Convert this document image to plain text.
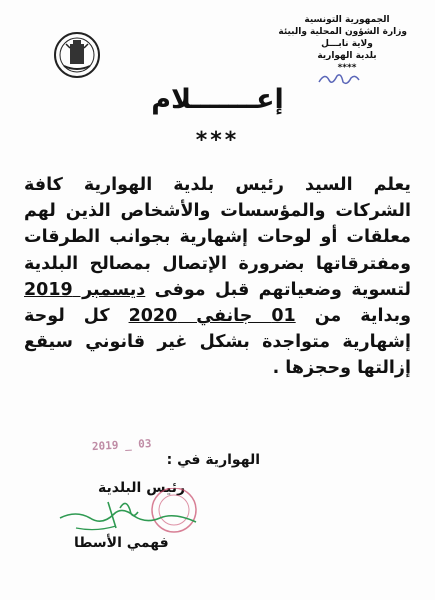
الجمهورية التونسية
وزارة الشؤون المحلية والبيئة
ولاية نابـــل
بلدية الهوارية
****
إعـــــــلام
***
يعلم السيد رئيس بلدية الهوارية كافة
الشركات والمؤسسات والأشخاص الذين لهم
معلقات أو لوحات إشهارية بجوانب الطرقات
ومفترقاتها بضرورة الإتصال بمصالح البلدية
لتسوية وضعياتهم قبل موفى ديسمبر 2019
وبداية من 01 جانفي 2020 كل لوحة
إشهارية متواجدة بشكل غير قانوني سيقع
إزالتها وحجزها .
2019 _ 03
الهوارية في :
رئيس البلدية
فهمي الأسطا
